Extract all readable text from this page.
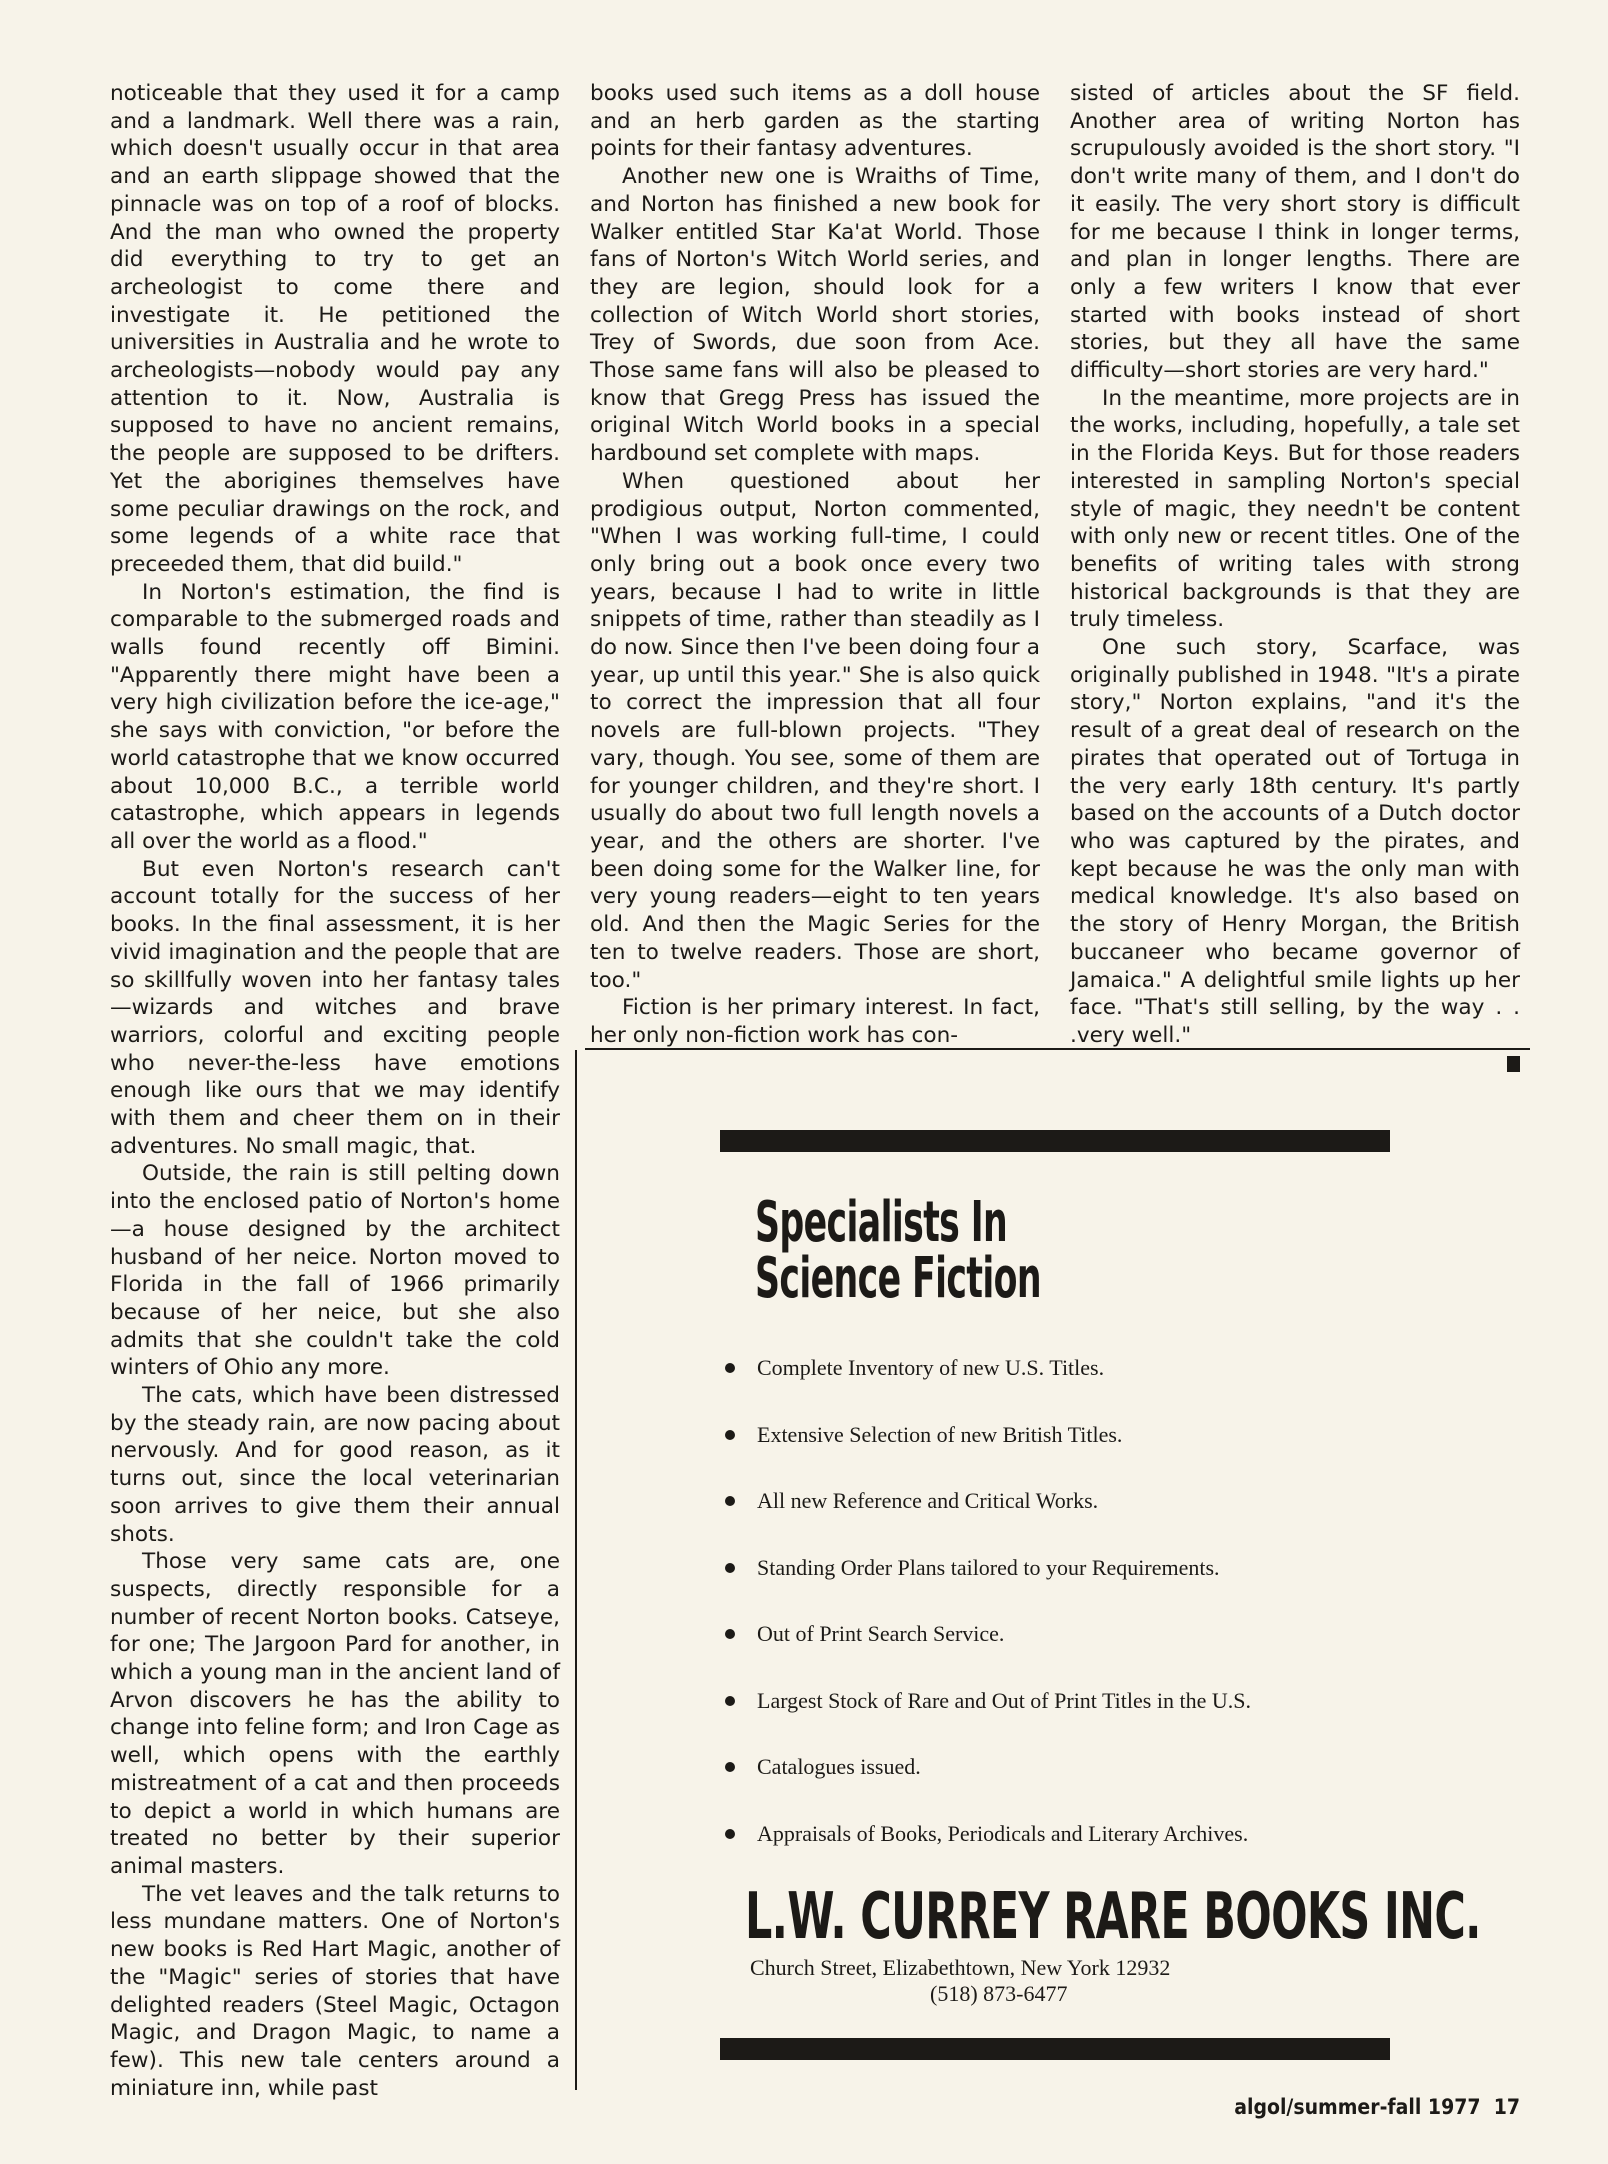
noticeable that they used it for a camp and a landmark. Well there was a rain, which doesn't usually occur in that area and an earth slippage showed that the pinnacle was on top of a roof of blocks. And the man who owned the property did everything to try to get an archeologist to come there and investigate it. He petitioned the universities in Australia and he wrote to archeologists—nobody would pay any attention to it. Now, Australia is supposed to have no ancient remains, the people are supposed to be drifters. Yet the aborigines themselves have some peculiar drawings on the rock, and some legends of a white race that preceeded them, that did build."

In Norton's estimation, the find is comparable to the submerged roads and walls found recently off Bimini. "Apparently there might have been a very high civilization before the ice-age," she says with conviction, "or before the world catastrophe that we know occurred about 10,000 B.C., a terrible world catastrophe, which appears in legends all over the world as a flood."

But even Norton's research can't account totally for the success of her books. In the final assessment, it is her vivid imagination and the people that are so skillfully woven into her fantasy tales—wizards and witches and brave warriors, colorful and exciting people who never-the-less have emotions enough like ours that we may identify with them and cheer them on in their adventures. No small magic, that.

Outside, the rain is still pelting down into the enclosed patio of Norton's home—a house designed by the architect husband of her neice. Norton moved to Florida in the fall of 1966 primarily because of her neice, but she also admits that she couldn't take the cold winters of Ohio any more.

The cats, which have been distressed by the steady rain, are now pacing about nervously. And for good reason, as it turns out, since the local veterinarian soon arrives to give them their annual shots.

Those very same cats are, one suspects, directly responsible for a number of recent Norton books. Catseye, for one; The Jargoon Pard for another, in which a young man in the ancient land of Arvon discovers he has the ability to change into feline form; and Iron Cage as well, which opens with the earthly mistreatment of a cat and then proceeds to depict a world in which humans are treated no better by their superior animal masters.

The vet leaves and the talk returns to less mundane matters. One of Norton's new books is Red Hart Magic, another of the "Magic" series of stories that have delighted readers (Steel Magic, Octagon Magic, and Dragon Magic, to name a few). This new tale centers around a miniature inn, while past

books used such items as a doll house and an herb garden as the starting points for their fantasy adventures.

Another new one is Wraiths of Time, and Norton has finished a new book for Walker entitled Star Ka'at World. Those fans of Norton's Witch World series, and they are legion, should look for a collection of Witch World short stories, Trey of Swords, due soon from Ace. Those same fans will also be pleased to know that Gregg Press has issued the original Witch World books in a special hardbound set complete with maps.

When questioned about her prodigious output, Norton commented, "When I was working full-time, I could only bring out a book once every two years, because I had to write in little snippets of time, rather than steadily as I do now. Since then I've been doing four a year, up until this year." She is also quick to correct the impression that all four novels are full-blown projects. "They vary, though. You see, some of them are for younger children, and they're short. I usually do about two full length novels a year, and the others are shorter. I've been doing some for the Walker line, for very young readers—eight to ten years old. And then the Magic Series for the ten to twelve readers. Those are short, too."

Fiction is her primary interest. In fact, her only non-fiction work has con-

sisted of articles about the SF field. Another area of writing Norton has scrupulously avoided is the short story. "I don't write many of them, and I don't do it easily. The very short story is difficult for me because I think in longer terms, and plan in longer lengths. There are only a few writers I know that ever started with books instead of short stories, but they all have the same difficulty—short stories are very hard."

In the meantime, more projects are in the works, including, hopefully, a tale set in the Florida Keys. But for those readers interested in sampling Norton's special style of magic, they needn't be content with only new or recent titles. One of the benefits of writing tales with strong historical backgrounds is that they are truly timeless.

One such story, Scarface, was originally published in 1948. "It's a pirate story," Norton explains, "and it's the result of a great deal of research on the pirates that operated out of Tortuga in the very early 18th century. It's partly based on the accounts of a Dutch doctor who was captured by the pirates, and kept because he was the only man with medical knowledge. It's also based on the story of Henry Morgan, the British buccaneer who became governor of Jamaica." A delightful smile lights up her face. "That's still selling, by the way . . .very well."

Specialists In
Science Fiction
Complete Inventory of new U.S. Titles.
Extensive Selection of new British Titles.
All new Reference and Critical Works.
Standing Order Plans tailored to your Requirements.
Out of Print Search Service.
Largest Stock of Rare and Out of Print Titles in the U.S.
Catalogues issued.
Appraisals of Books, Periodicals and Literary Archives.
L.W. CURREY RARE BOOKS INC.
Church Street, Elizabethtown, New York 12932
(518) 873-6477
algol/summer-fall 1977 17
